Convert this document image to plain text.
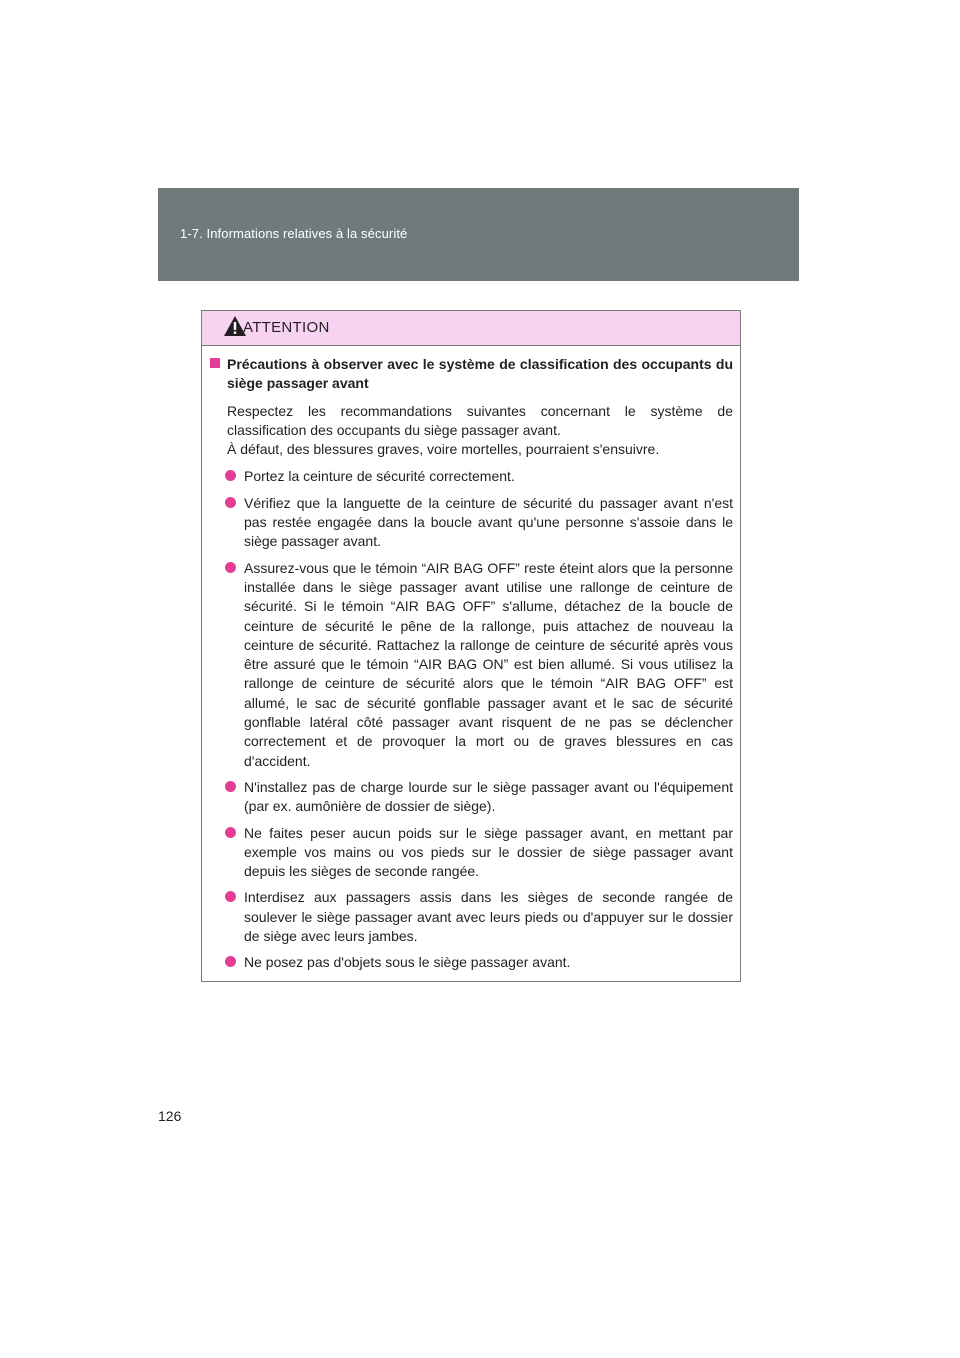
1-7. Informations relatives à la sécurité
ATTENTION
Précautions à observer avec le système de classification des occupants du siège passager avant
Respectez les recommandations suivantes concernant le système de classification des occupants du siège passager avant.
À défaut, des blessures graves, voire mortelles, pourraient s'ensuivre.
Portez la ceinture de sécurité correctement.
Vérifiez que la languette de la ceinture de sécurité du passager avant n'est pas restée engagée dans la boucle avant qu'une personne s'assoie dans le siège passager avant.
Assurez-vous que le témoin “AIR BAG OFF” reste éteint alors que la personne installée dans le siège passager avant utilise une rallonge de ceinture de sécurité. Si le témoin “AIR BAG OFF” s'allume, détachez de la boucle de ceinture de sécurité le pêne de la rallonge, puis attachez de nouveau la ceinture de sécurité. Rattachez la rallonge de ceinture de sécurité après vous être assuré que le témoin “AIR BAG ON” est bien allumé. Si vous utilisez la rallonge de ceinture de sécurité alors que le témoin “AIR BAG OFF” est allumé, le sac de sécurité gonflable passager avant et le sac de sécurité gonflable latéral côté passager avant risquent de ne pas se déclencher correctement et de provoquer la mort ou de graves blessures en cas d'accident.
N'installez pas de charge lourde sur le siège passager avant ou l'équipement (par ex. aumônière de dossier de siège).
Ne faites peser aucun poids sur le siège passager avant, en mettant par exemple vos mains ou vos pieds sur le dossier de siège passager avant depuis les sièges de seconde rangée.
Interdisez aux passagers assis dans les sièges de seconde rangée de soulever le siège passager avant avec leurs pieds ou d'appuyer sur le dossier de siège avec leurs jambes.
Ne posez pas d'objets sous le siège passager avant.
126
